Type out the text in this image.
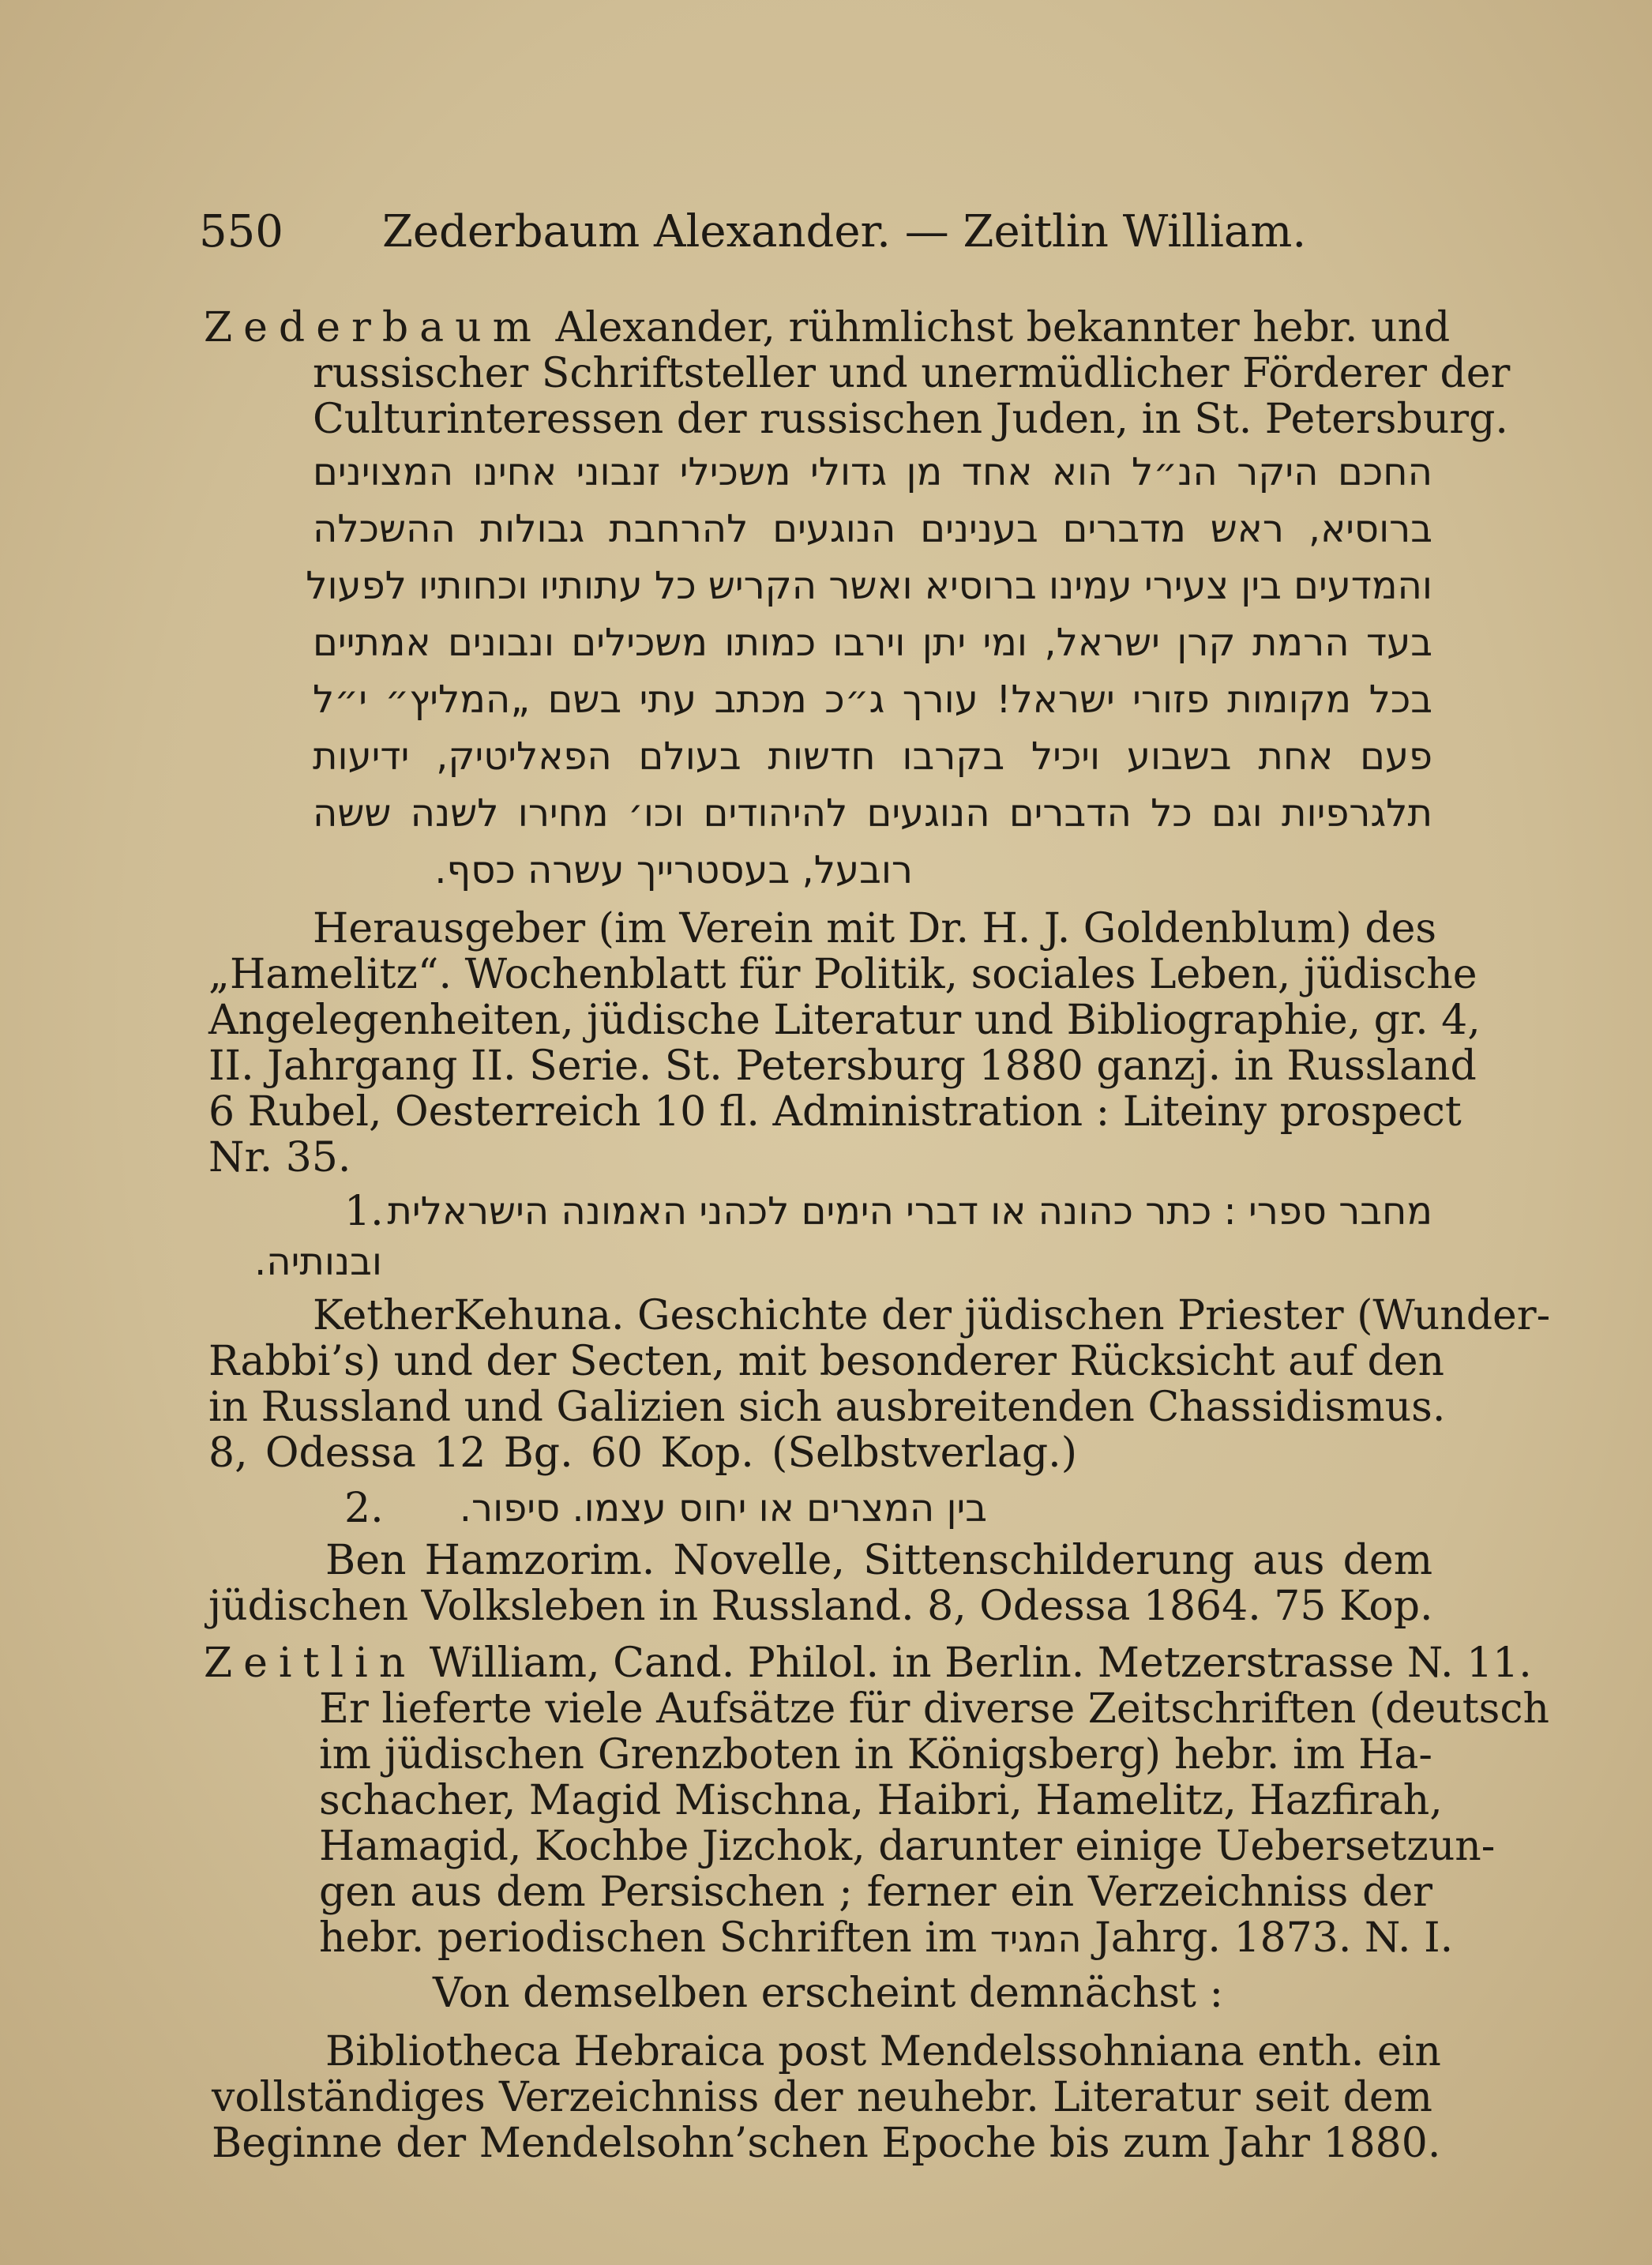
550 Zederbaum Alexander. — Zeitlin William.
Zederbaum Alexander, rühmlichst bekannter hebr. und
russischer Schriftsteller und unermüdlicher Förderer der
Culturinteressen der russischen Juden, in St. Petersburg.
החכם היקר הנ״ל הוא אחד מן גדולי משכילי זנבוני אחינו המצוינים
ברוסיא, ראש מדברים בענינים הנוגעים להרחבת גבולות ההשכלה
והמדעים בין צעירי עמינו ברוסיא ואשר הקריש כל עתותיו וכחותיו לפעול
בעד הרמת קרן ישראל, ומי יתן וירבו כמותו משכילים ונבונים אמתיים
בכל מקומות פזורי ישראל! עורך ג״כ מכתב עתי בשם „המליץ״ י״ל
פעם אחת בשבוע ויכיל בקרבו חדשות בעולם הפאליטיק, ידיעות
תלגרפיות וגם כל הדברים הנוגעים להיהודים וכו׳ מחירו לשנה ששה
רובעל, בעסטרייך עשרה כסף.
Herausgeber (im Verein mit Dr. H. J. Goldenblum) des
„Hamelitz“. Wochenblatt für Politik, sociales Leben, jüdische
Angelegenheiten, jüdische Literatur und Bibliographie, gr. 4,
II. Jahrgang II. Serie. St. Petersburg 1880 ganzj. in Russland
6 Rubel, Oesterreich 10 fl. Administration : Liteiny prospect
Nr. 35.
1. מחבר ספרי : כתר כהונה או דברי הימים לכהני האמונה הישראלית
ובנותיה.
KetherKehuna. Geschichte der jüdischen Priester (Wunder-
Rabbi’s) und der Secten, mit besonderer Rücksicht auf den
in Russland und Galizien sich ausbreitenden Chassidismus.
8, Odessa 12 Bg. 60 Kop. (Selbstverlag.)
2.	בין המצרים או יחוס עצמו. סיפור.
Ben Hamzorim. Novelle, Sittenschilderung aus dem
jüdischen Volksleben in Russland. 8, Odessa 1864. 75 Kop.
Zeitlin William, Cand. Philol. in Berlin. Metzerstrasse N. 11.
Er lieferte viele Aufsätze für diverse Zeitschriften (deutsch
im jüdischen Grenzboten in Königsberg) hebr. im Ha-
schacher, Magid Mischna, Haibri, Hamelitz, Hazfirah,
Hamagid, Kochbe Jizchok, darunter einige Uebersetzun-
gen aus dem Persischen ; ferner ein Verzeichniss der
hebr. periodischen Schriften im המגיד Jahrg. 1873. N. I.
Von demselben erscheint demnächst :
Bibliotheca Hebraica post Mendelssohniana enth. ein
vollständiges Verzeichniss der neuhebr. Literatur seit dem
Beginne der Mendelsohn’schen Epoche bis zum Jahr 1880.
